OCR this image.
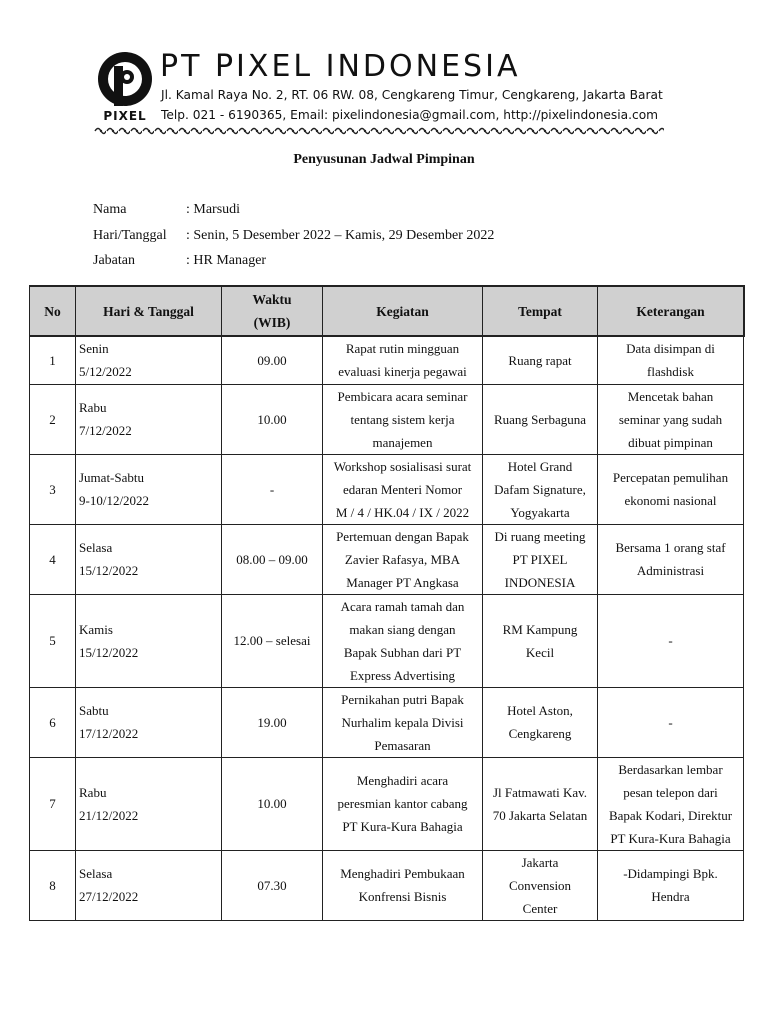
PIXEL
PT PIXEL INDONESIA
Jl. Kamal Raya No. 2, RT. 06 RW. 08, Cengkareng Timur, Cengkareng, Jakarta Barat
Telp. 021 - 6190365, Email: pixelindonesia@gmail.com, http://pixelindonesia.com
Penyusunan Jadwal Pimpinan
Nama	: Marsudi
Hari/Tanggal : Senin, 5 Desember 2022 – Kamis, 29 Desember 2022
Jabatan	: HR Manager
No	Hari & Tanggal	Waktu
(WIB)	Kegiatan	Tempat	Keterangan
1	Senin
5/12/2022	09.00	Rapat rutin mingguan
evaluasi kinerja pegawai	Ruang rapat	Data disimpan di
flashdisk

2	Rabu
7/12/2022	10.00	Pembicara acara seminar
tentang sistem kerja
manajemen	Ruang Serbaguna	Mencetak bahan
seminar yang sudah
dibuat pimpinan

3	Jumat-Sabtu
9-10/12/2022	-	Workshop sosialisasi surat
edaran Menteri Nomor
M / 4 / HK.04 / IX / 2022	Hotel Grand
Dafam Signature,
Yogyakarta	Percepatan pemulihan
ekonomi nasional

4	Selasa
15/12/2022	08.00 – 09.00	Pertemuan dengan Bapak
Zavier Rafasya, MBA
Manager PT Angkasa	Di ruang meeting
PT PIXEL
INDONESIA	Bersama 1 orang staf
Administrasi

5	Kamis
15/12/2022	12.00 – selesai	Acara ramah tamah dan
makan siang dengan
Bapak Subhan dari PT
Express Advertising	RM Kampung
Kecil	-

6	Sabtu
17/12/2022	19.00	Pernikahan putri Bapak
Nurhalim kepala Divisi
Pemasaran	Hotel Aston,
Cengkareng	-

7	Rabu
21/12/2022	10.00	Menghadiri acara
peresmian kantor cabang
PT Kura-Kura Bahagia	Jl Fatmawati Kav.
70 Jakarta Selatan	Berdasarkan lembar
pesan telepon dari
Bapak Kodari, Direktur
PT Kura-Kura Bahagia

8	Selasa
27/12/2022	07.30	Menghadiri Pembukaan
Konfrensi Bisnis	Jakarta
Convension
Center	-Didampingi Bpk.
Hendra
